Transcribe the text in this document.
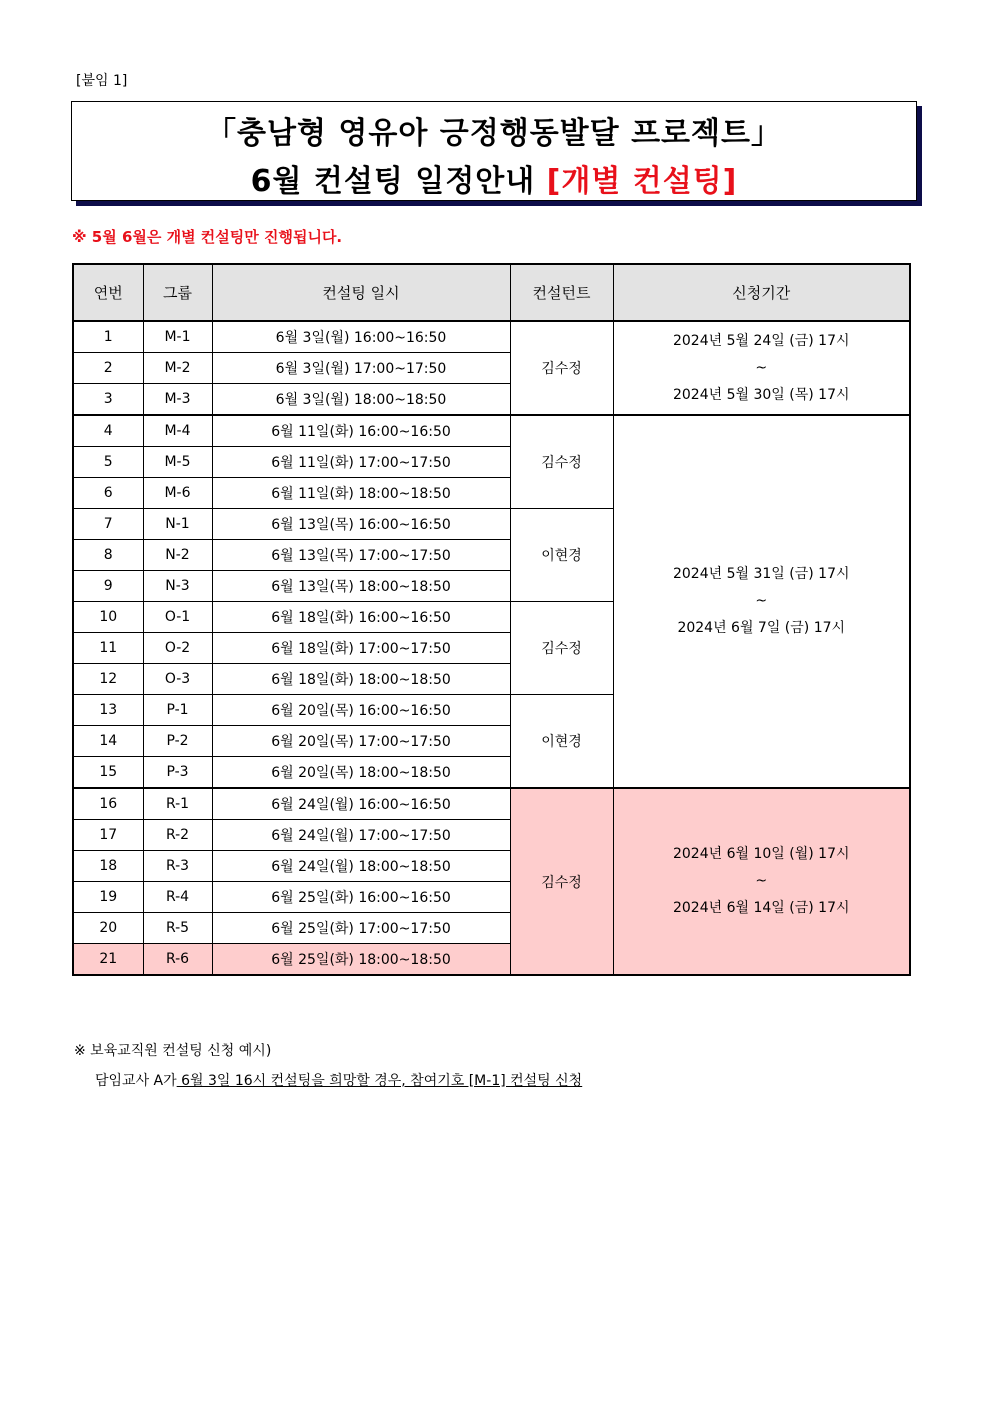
[붙임 1]
「충남형 영유아 긍정행동발달 프로젝트」
6월 컨설팅 일정안내 [개별 컨설팅]
※ 5월 6월은 개별 컨설팅만 진행됩니다.
연번	그룹	컨설팅 일시	컨설턴트	신청기간
1	M-1	6월 3일(월) 16:00~16:50	김수정	2024년 5월 24일 (금) 17시
~
2024년 5월 30일 (목) 17시
2	M-2	6월 3일(월) 17:00~17:50		
3	M-3	6월 3일(월) 18:00~18:50		
4	M-4	6월 11일(화) 16:00~16:50	김수정	2024년 5월 31일 (금) 17시
~
2024년 6월 7일 (금) 17시
5	M-5	6월 11일(화) 17:00~17:50		
6	M-6	6월 11일(화) 18:00~18:50		
7	N-1	6월 13일(목) 16:00~16:50	이현경	
8	N-2	6월 13일(목) 17:00~17:50		
9	N-3	6월 13일(목) 18:00~18:50		
10	O-1	6월 18일(화) 16:00~16:50	김수정	
11	O-2	6월 18일(화) 17:00~17:50		
12	O-3	6월 18일(화) 18:00~18:50		
13	P-1	6월 20일(목) 16:00~16:50	이현경	
14	P-2	6월 20일(목) 17:00~17:50		
15	P-3	6월 20일(목) 18:00~18:50		
16	R-1	6월 24일(월) 16:00~16:50	김수정	2024년 6월 10일 (월) 17시
~
2024년 6월 14일 (금) 17시
17	R-2	6월 24일(월) 17:00~17:50		
18	R-3	6월 24일(월) 18:00~18:50		
19	R-4	6월 25일(화) 16:00~16:50		
20	R-5	6월 25일(화) 17:00~17:50		
21	R-6	6월 25일(화) 18:00~18:50		
※ 보육교직원 컨설팅 신청 예시)
담임교사 A가 6월 3일 16시 컨설팅을 희망할 경우, 참여기호 [M-1] 컨설팅 신청
